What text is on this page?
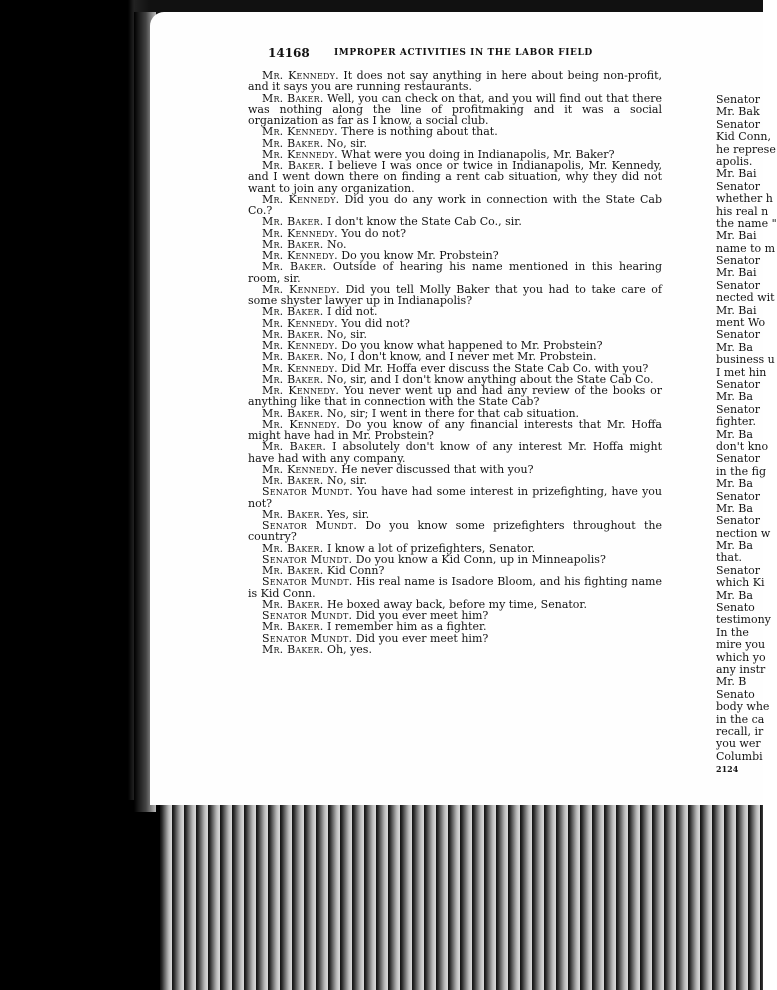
14168	IMPROPER ACTIVITIES IN THE LABOR FIELD

Mr. Kennedy. It does not say anything in here about being non-profit, and it says you are running restaurants.

Mr. Baker. Well, you can check on that, and you will find out that there was nothing along the line of profitmaking and it was a social organization as far as I know, a social club.

Mr. Kennedy. There is nothing about that.

Mr. Baker. No, sir.

Mr. Kennedy. What were you doing in Indianapolis, Mr. Baker?

Mr. Baker. I believe I was once or twice in Indianapolis, Mr. Kennedy, and I went down there on finding a rent cab situation, why they did not want to join any organization.

Mr. Kennedy. Did you do any work in connection with the State Cab Co.?

Mr. Baker. I don't know the State Cab Co., sir.

Mr. Kennedy. You do not?

Mr. Baker. No.

Mr. Kennedy. Do you know Mr. Probstein?

Mr. Baker. Outside of hearing his name mentioned in this hearing room, sir.

Mr. Kennedy. Did you tell Molly Baker that you had to take care of some shyster lawyer up in Indianapolis?

Mr. Baker. I did not.

Mr. Kennedy. You did not?

Mr. Baker. No, sir.

Mr. Kennedy. Do you know what happened to Mr. Probstein?

Mr. Baker. No, I don't know, and I never met Mr. Probstein.

Mr. Kennedy. Did Mr. Hoffa ever discuss the State Cab Co. with you?

Mr. Baker. No, sir, and I don't know anything about the State Cab Co.

Mr. Kennedy. You never went up and had any review of the books or anything like that in connection with the State Cab?

Mr. Baker. No, sir; I went in there for that cab situation.

Mr. Kennedy. Do you know of any financial interests that Mr. Hoffa might have had in Mr. Probstein?

Mr. Baker. I absolutely don't know of any interest Mr. Hoffa might have had with any company.

Mr. Kennedy. He never discussed that with you?

Mr. Baker. No, sir.

Senator Mundt. You have had some interest in prizefighting, have you not?

Mr. Baker. Yes, sir.

Senator Mundt. Do you know some prizefighters throughout the country?

Mr. Baker. I know a lot of prizefighters, Senator.

Senator Mundt. Do you know a Kid Conn, up in Minneapolis?

Mr. Baker. Kid Conn?

Senator Mundt. His real name is Isadore Bloom, and his fighting name is Kid Conn.

Mr. Baker. He boxed away back, before my time, Senator.

Senator Mundt. Did you ever meet him?

Mr. Baker. I remember him as a fighter.

Senator Mundt. Did you ever meet him?

Mr. Baker. Oh, yes.

Senator
Mr. Bak
Senator
Kid Conn,
he represe
apolis.
Mr. Bai
Senator
whether h
his real n
the name "
Mr. Bai
name to m
Senator
Mr. Bai
Senator
nected wit
Mr. Bai
ment Wo
Senator
Mr. Ba
business u
I met hin
Senator
Mr. Ba
Senator
fighter.
Mr. Ba
don't kno
Senator
in the fig
Mr. Ba
Senator
Mr. Ba
Senator
nection w
Mr. Ba
that.
Senator
which Ki
Mr. Ba
Senato
testimony
In the
mire you
which yo
any instr
Mr. B
Senato
body whe
in the ca
recall, ir
you wer
Columbi
2124
